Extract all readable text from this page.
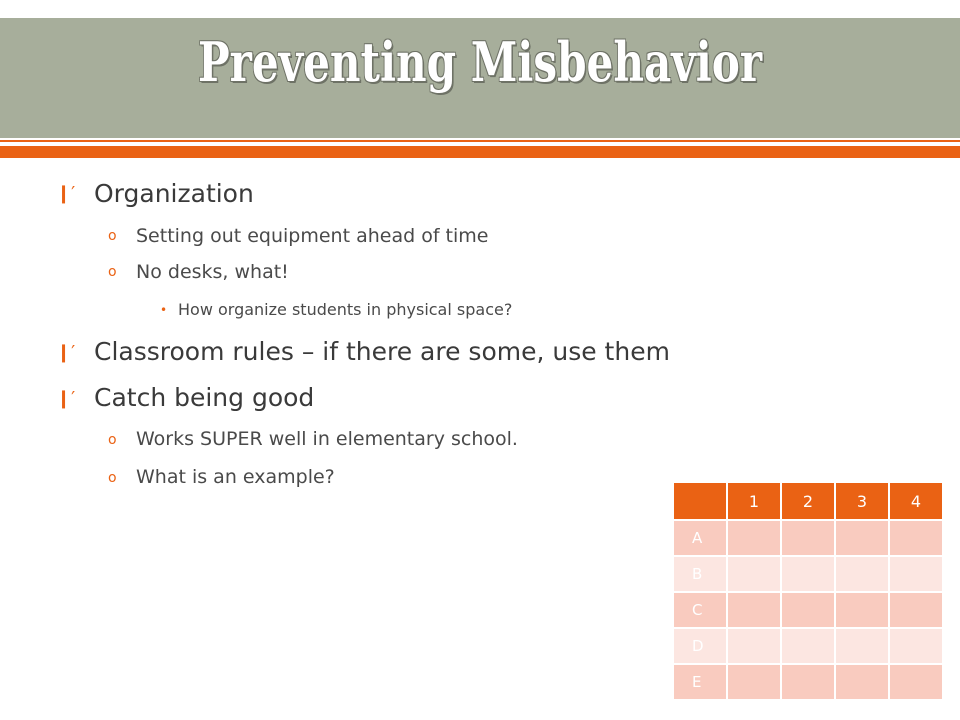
Preventing Misbehavior
❙′ Organization
o Setting out equipment ahead of time
o No desks, what!
• How organize students in physical space?
❙′ Classroom rules – if there are some, use them
❙′ Catch being good
o Works SUPER well in elementary school.
o What is an example?
	1	2	3	4
A				
B				
C				
D				
E				
